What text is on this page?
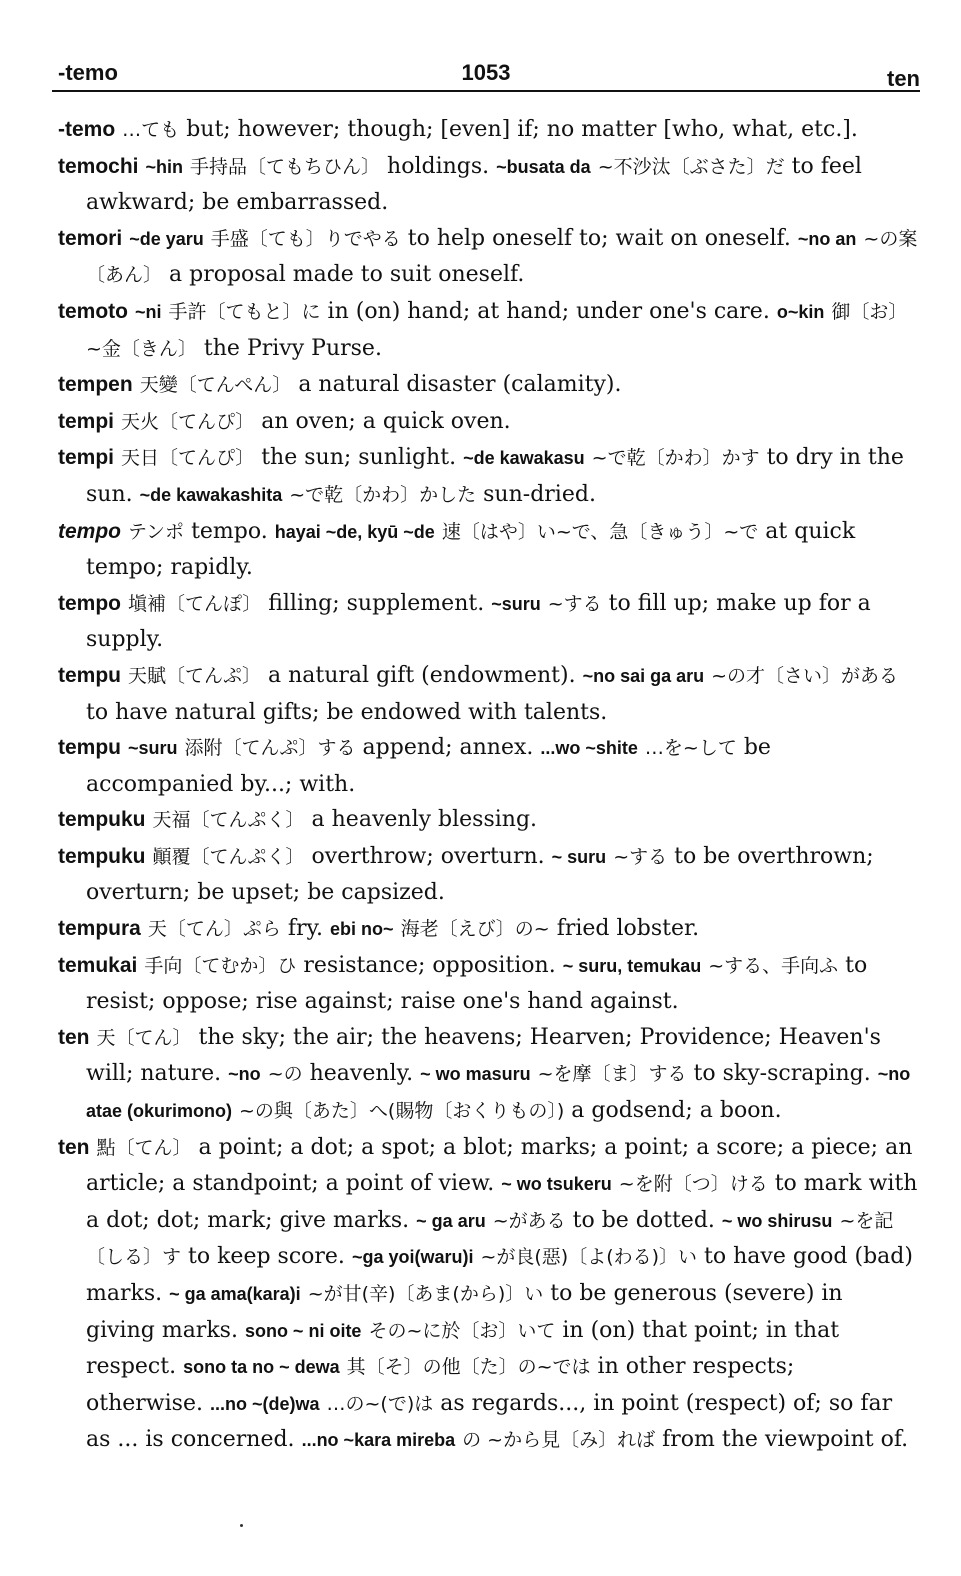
-temo	1053	ten

-temo …ても but; however; though; [even] if; no matter [who, what, etc.].

temochi ~hin 手持品〔てもちひん〕 holdings. ~busata da ~不沙汰〔ぶさた〕だ to feel awkward; be embarrassed.

temori ~de yaru 手盛〔ても〕りでやる to help oneself to; wait on oneself. ~no an ~の案〔あん〕 a proposal made to suit oneself.

temoto ~ni 手許〔てもと〕に in (on) hand; at hand; under one's care. o~kin 御〔お〕~金〔きん〕 the Privy Purse.

tempen 天變〔てんぺん〕 a natural disaster (calamity).

tempi 天火〔てんぴ〕 an oven; a quick oven.

tempi 天日〔てんぴ〕 the sun; sunlight. ~de kawakasu ~で乾〔かわ〕かす to dry in the sun. ~de kawakashita ~で乾〔かわ〕かした sun-dried.

tempo テンポ tempo. hayai ~de, kyū ~de 速〔はや〕い~で、急〔きゅう〕~で at quick tempo; rapidly.

tempo 塡補〔てんぽ〕 filling; supplement. ~suru ~する to fill up; make up for a supply.

tempu 天賦〔てんぷ〕 a natural gift (endowment). ~no sai ga aru ~の才〔さい〕がある to have natural gifts; be endowed with talents.

tempu ~suru 添附〔てんぷ〕する append; annex. ...wo ~shite …を~して be accompanied by...; with.

tempuku 天福〔てんぷく〕 a heavenly blessing.

tempuku 顚覆〔てんぷく〕 overthrow; overturn. ~ suru ~する to be overthrown; overturn; be upset; be capsized.

tempura 天〔てん〕ぷら fry. ebi no~ 海老〔えび〕の~ fried lobster.

temukai 手向〔てむか〕ひ resistance; opposition. ~ suru, temukau ~する、手向ふ to resist; oppose; rise against; raise one's hand against.

ten 天〔てん〕 the sky; the air; the heavens; Hearven; Providence; Heaven's will; nature. ~no ~の heavenly. ~ wo masuru ~を摩〔ま〕する to sky-scraping. ~no atae (okurimono) ~の與〔あた〕へ(賜物〔おくりもの〕) a godsend; a boon.

ten 點〔てん〕 a point; a dot; a spot; a blot; marks; a point; a score; a piece; an article; a standpoint; a point of view. ~ wo tsukeru ~を附〔つ〕ける to mark with a dot; dot; mark; give marks. ~ ga aru ~がある to be dotted. ~ wo shirusu ~を記〔しる〕す to keep score. ~ga yoi(waru)i ~が良(惡)〔よ(わる)〕い to have good (bad) marks. ~ ga ama(kara)i ~が甘(辛)〔あま(から)〕い to be generous (severe) in giving marks. sono ~ ni oite その~に於〔お〕いて in (on) that point; in that respect. sono ta no ~ dewa 其〔そ〕の他〔た〕の~では in other respects; otherwise. ...no ~(de)wa …の~(で)は as regards..., in point (respect) of; so far as ... is concerned. ...no ~kara mireba の ~から見〔み〕れば from the viewpoint of.
